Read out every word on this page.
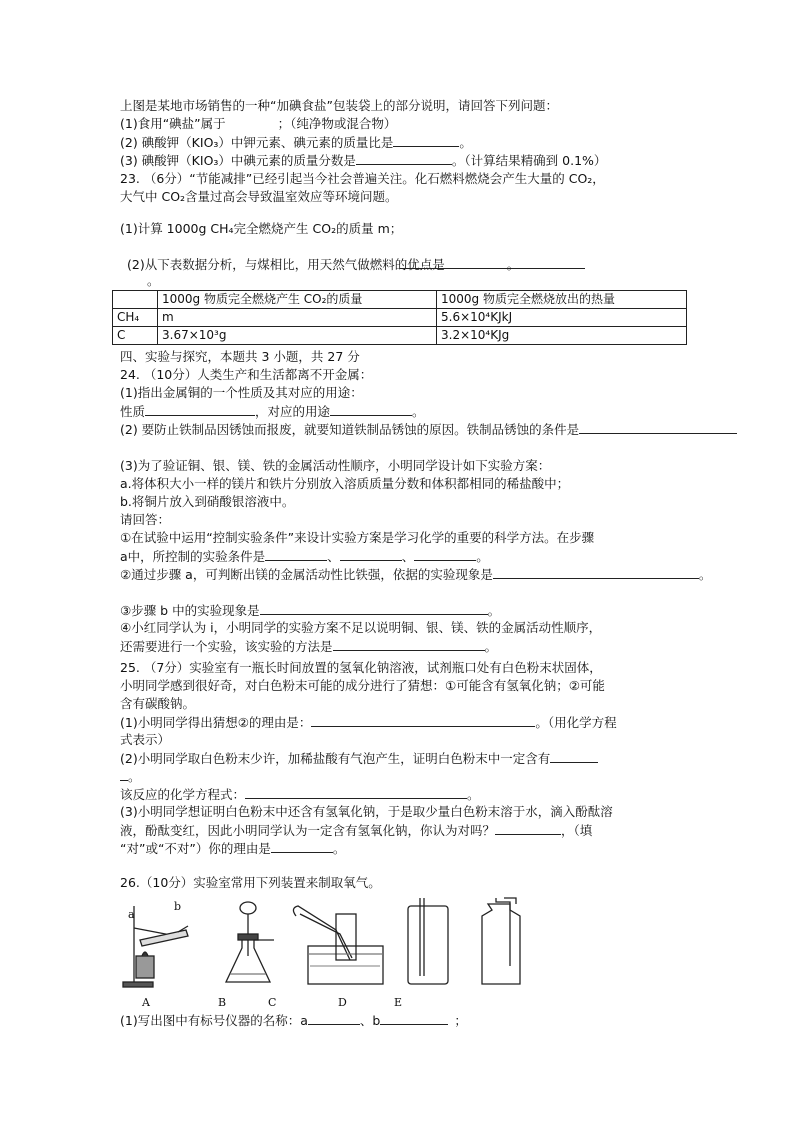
上图是某地市场销售的一种“加碘食盐”包装袋上的部分说明，请回答下列问题：
(1)食用“碘盐”属于	；（纯净物或混合物）
(2) 碘酸钾（KIO₃）中钾元素、碘元素的质量比是	。
(3) 碘酸钾（KIO₃）中碘元素的质量分数是	。（计算结果精确到 0.1%）
23. （6分）“节能减排”已经引起当今社会普遍关注。化石燃料燃烧会产生大量的 CO₂，
大气中 CO₂含量过高会导致温室效应等环境问题。
(1)计算 1000g CH₄完全燃烧产生 CO₂的质量 m；
(2)从下表数据分析，与煤相比，用天然气做燃料的优点是	。
。
	1000g 物质完全燃烧产生 CO₂的质量	1000g 物质完全燃烧放出的热量
CH₄	m	5.6×10⁴KJkJ
C	3.67×10³g	3.2×10⁴KJg
四、实验与探究，本题共 3 小题，共 27 分
24. （10分）人类生产和生活都离不开金属：
(1)指出金属铜的一个性质及其对应的用途：
性质	，对应的用途	。
(2) 要防止铁制品因锈蚀而报废，就要知道铁制品锈蚀的原因。铁制品锈蚀的条件是
(3)为了验证铜、银、镁、铁的金属活动性顺序，小明同学设计如下实验方案：
a.将体积大小一样的镁片和铁片分别放入溶质质量分数和体积都相同的稀盐酸中；
b.将铜片放入到硝酸银溶液中。
请回答：
①在试验中运用“控制实验条件”来设计实验方案是学习化学的重要的科学方法。在步骤
a中，所控制的实验条件是	、	、	。
②通过步骤 a，可判断出镁的金属活动性比铁强，依据的实验现象是	。
③步骤 b 中的实验现象是	。
④小红同学认为 i，小明同学的实验方案不足以说明铜、银、镁、铁的金属活动性顺序，
还需要进行一个实验，该实验的方法是	。
25. （7分）实验室有一瓶长时间放置的氢氧化钠溶液，试剂瓶口处有白色粉末状固体，
小明同学感到很好奇，对白色粉末可能的成分进行了猜想：①可能含有氢氧化钠；②可能
含有碳酸钠。
(1)小明同学得出猜想②的理由是：	。（用化学方程
式表示）
(2)小明同学取白色粉末少许，加稀盐酸有气泡产生，证明白色粉末中一定含有
。
该反应的化学方程式：	。
(3)小明同学想证明白色粉末中还含有氢氧化钠，于是取少量白色粉末溶于水，滴入酚酞溶
液，酚酞变红，因此小明同学认为一定含有氢氧化钠，你认为对吗？	，（填
“对”或“不对”）你的理由是	。
26.（10分）实验室常用下列装置来制取氧气。
a
b
A	B	C	D	E
(1)写出图中有标号仪器的名称：a	、b	；
